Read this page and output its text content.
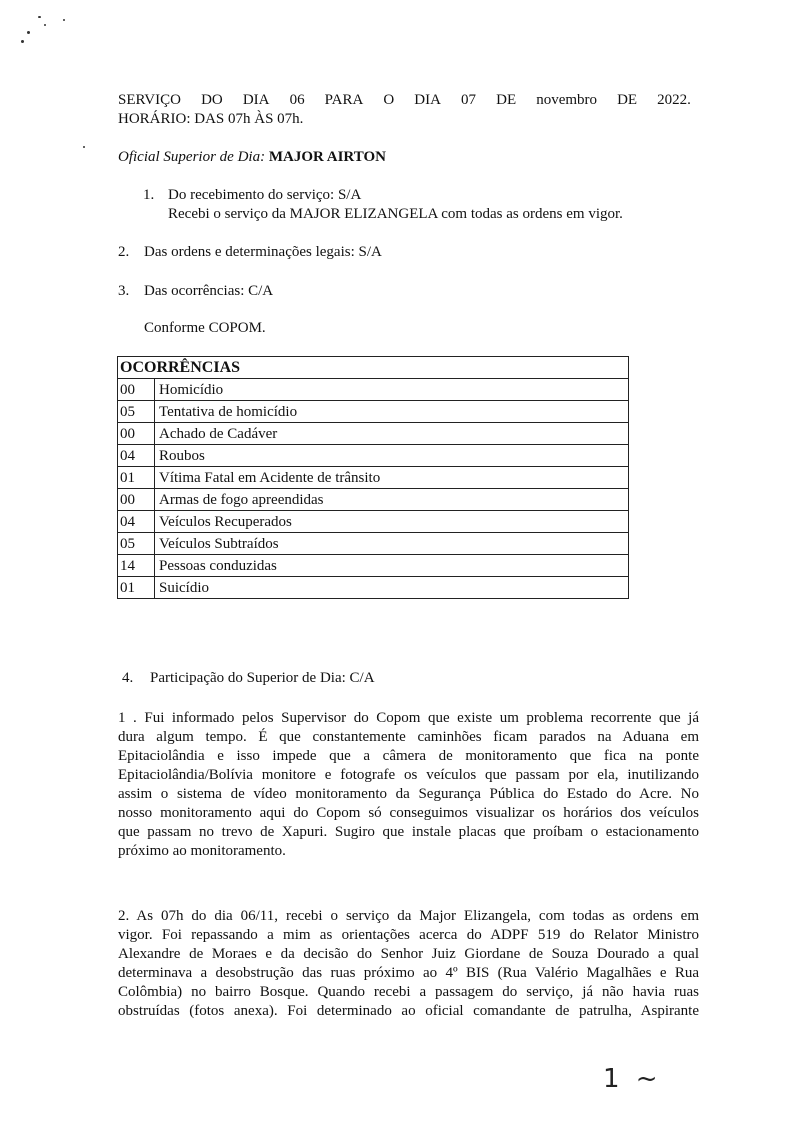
SERVIÇO DO DIA 06 PARA O DIA 07 DE novembro DE 2022.
HORÁRIO: DAS 07h ÀS 07h.
Oficial Superior de Dia: MAJOR AIRTON
1. Do recebimento do serviço: S/A
Recebi o serviço da MAJOR ELIZANGELA com todas as ordens em vigor.
2. Das ordens e determinações legais: S/A
3. Das ocorrências: C/A
Conforme COPOM.
OCORRÊNCIAS	
00	Homicídio
05	Tentativa de homicídio
00	Achado de Cadáver
04	Roubos
01	Vítima Fatal em Acidente de trânsito
00	Armas de fogo apreendidas
04	Veículos Recuperados
05	Veículos Subtraídos
14	Pessoas conduzidas
01	Suicídio
4. Participação do Superior de Dia: C/A
1 . Fui informado pelos Supervisor do Copom que existe um problema recorrente que já
dura algum tempo. É que constantemente caminhões ficam parados na Aduana em
Epitaciolândia e isso impede que a câmera de monitoramento que fica na ponte
Epitaciolândia/Bolívia monitore e fotografe os veículos que passam por ela, inutilizando
assim o sistema de vídeo monitoramento da Segurança Pública do Estado do Acre. No
nosso monitoramento aqui do Copom só conseguimos visualizar os horários dos veículos
que passam no trevo de Xapuri. Sugiro que instale placas que proíbam o estacionamento
próximo ao monitoramento.
2. As 07h do dia 06/11, recebi o serviço da Major Elizangela, com todas as ordens em
vigor. Foi repassando a mim as orientações acerca do ADPF 519 do Relator Ministro
Alexandre de Moraes e da decisão do Senhor Juiz Giordane de Souza Dourado a qual
determinava a desobstrução das ruas próximo ao 4º BIS (Rua Valério Magalhães e Rua
Colômbia) no bairro Bosque. Quando recebi a passagem do serviço, já não havia ruas
obstruídas (fotos anexa). Foi determinado ao oficial comandante de patrulha, Aspirante
1 ~
